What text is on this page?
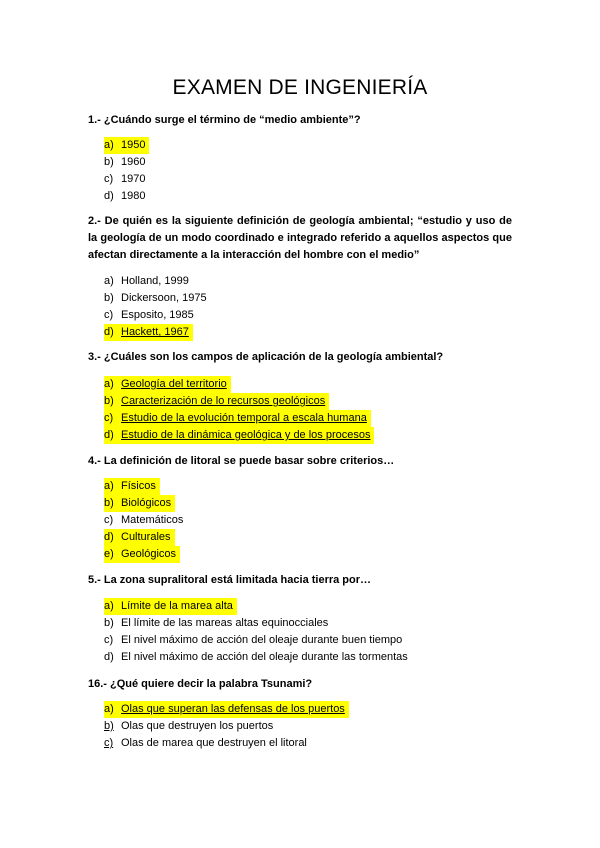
EXAMEN DE INGENIERÍA
1.- ¿Cuándo surge el término de “medio ambiente”?
a) 1950
b) 1960
c) 1970
d) 1980
2.- De quién es la siguiente definición de geología ambiental; “estudio y uso de la geología de un modo coordinado e integrado referido a aquellos aspectos que afectan directamente a la interacción del hombre con el medio”
a) Holland, 1999
b) Dickersoon, 1975
c) Esposito, 1985
d) Hackett, 1967
3.- ¿Cuáles son los campos de aplicación de la geología ambiental?
a) Geología del territorio
b) Caracterización de lo recursos geológicos
c) Estudio de la evolución temporal a escala humana
d) Estudio de la dinámica geológica y de los procesos
4.- La definición de litoral se puede basar sobre criterios…
a) Físicos
b) Biológicos
c) Matemáticos
d) Culturales
e) Geológicos
5.- La zona supralitoral está limitada hacia tierra por…
a) Límite de la marea alta
b) El límite de las mareas altas equinocciales
c) El nivel máximo de acción del oleaje durante buen tiempo
d) El nivel máximo de acción del oleaje durante las tormentas
16.- ¿Qué quiere decir la palabra Tsunami?
a) Olas que superan las defensas de los puertos
b) Olas que destruyen los puertos
c) Olas de marea que destruyen el litoral
